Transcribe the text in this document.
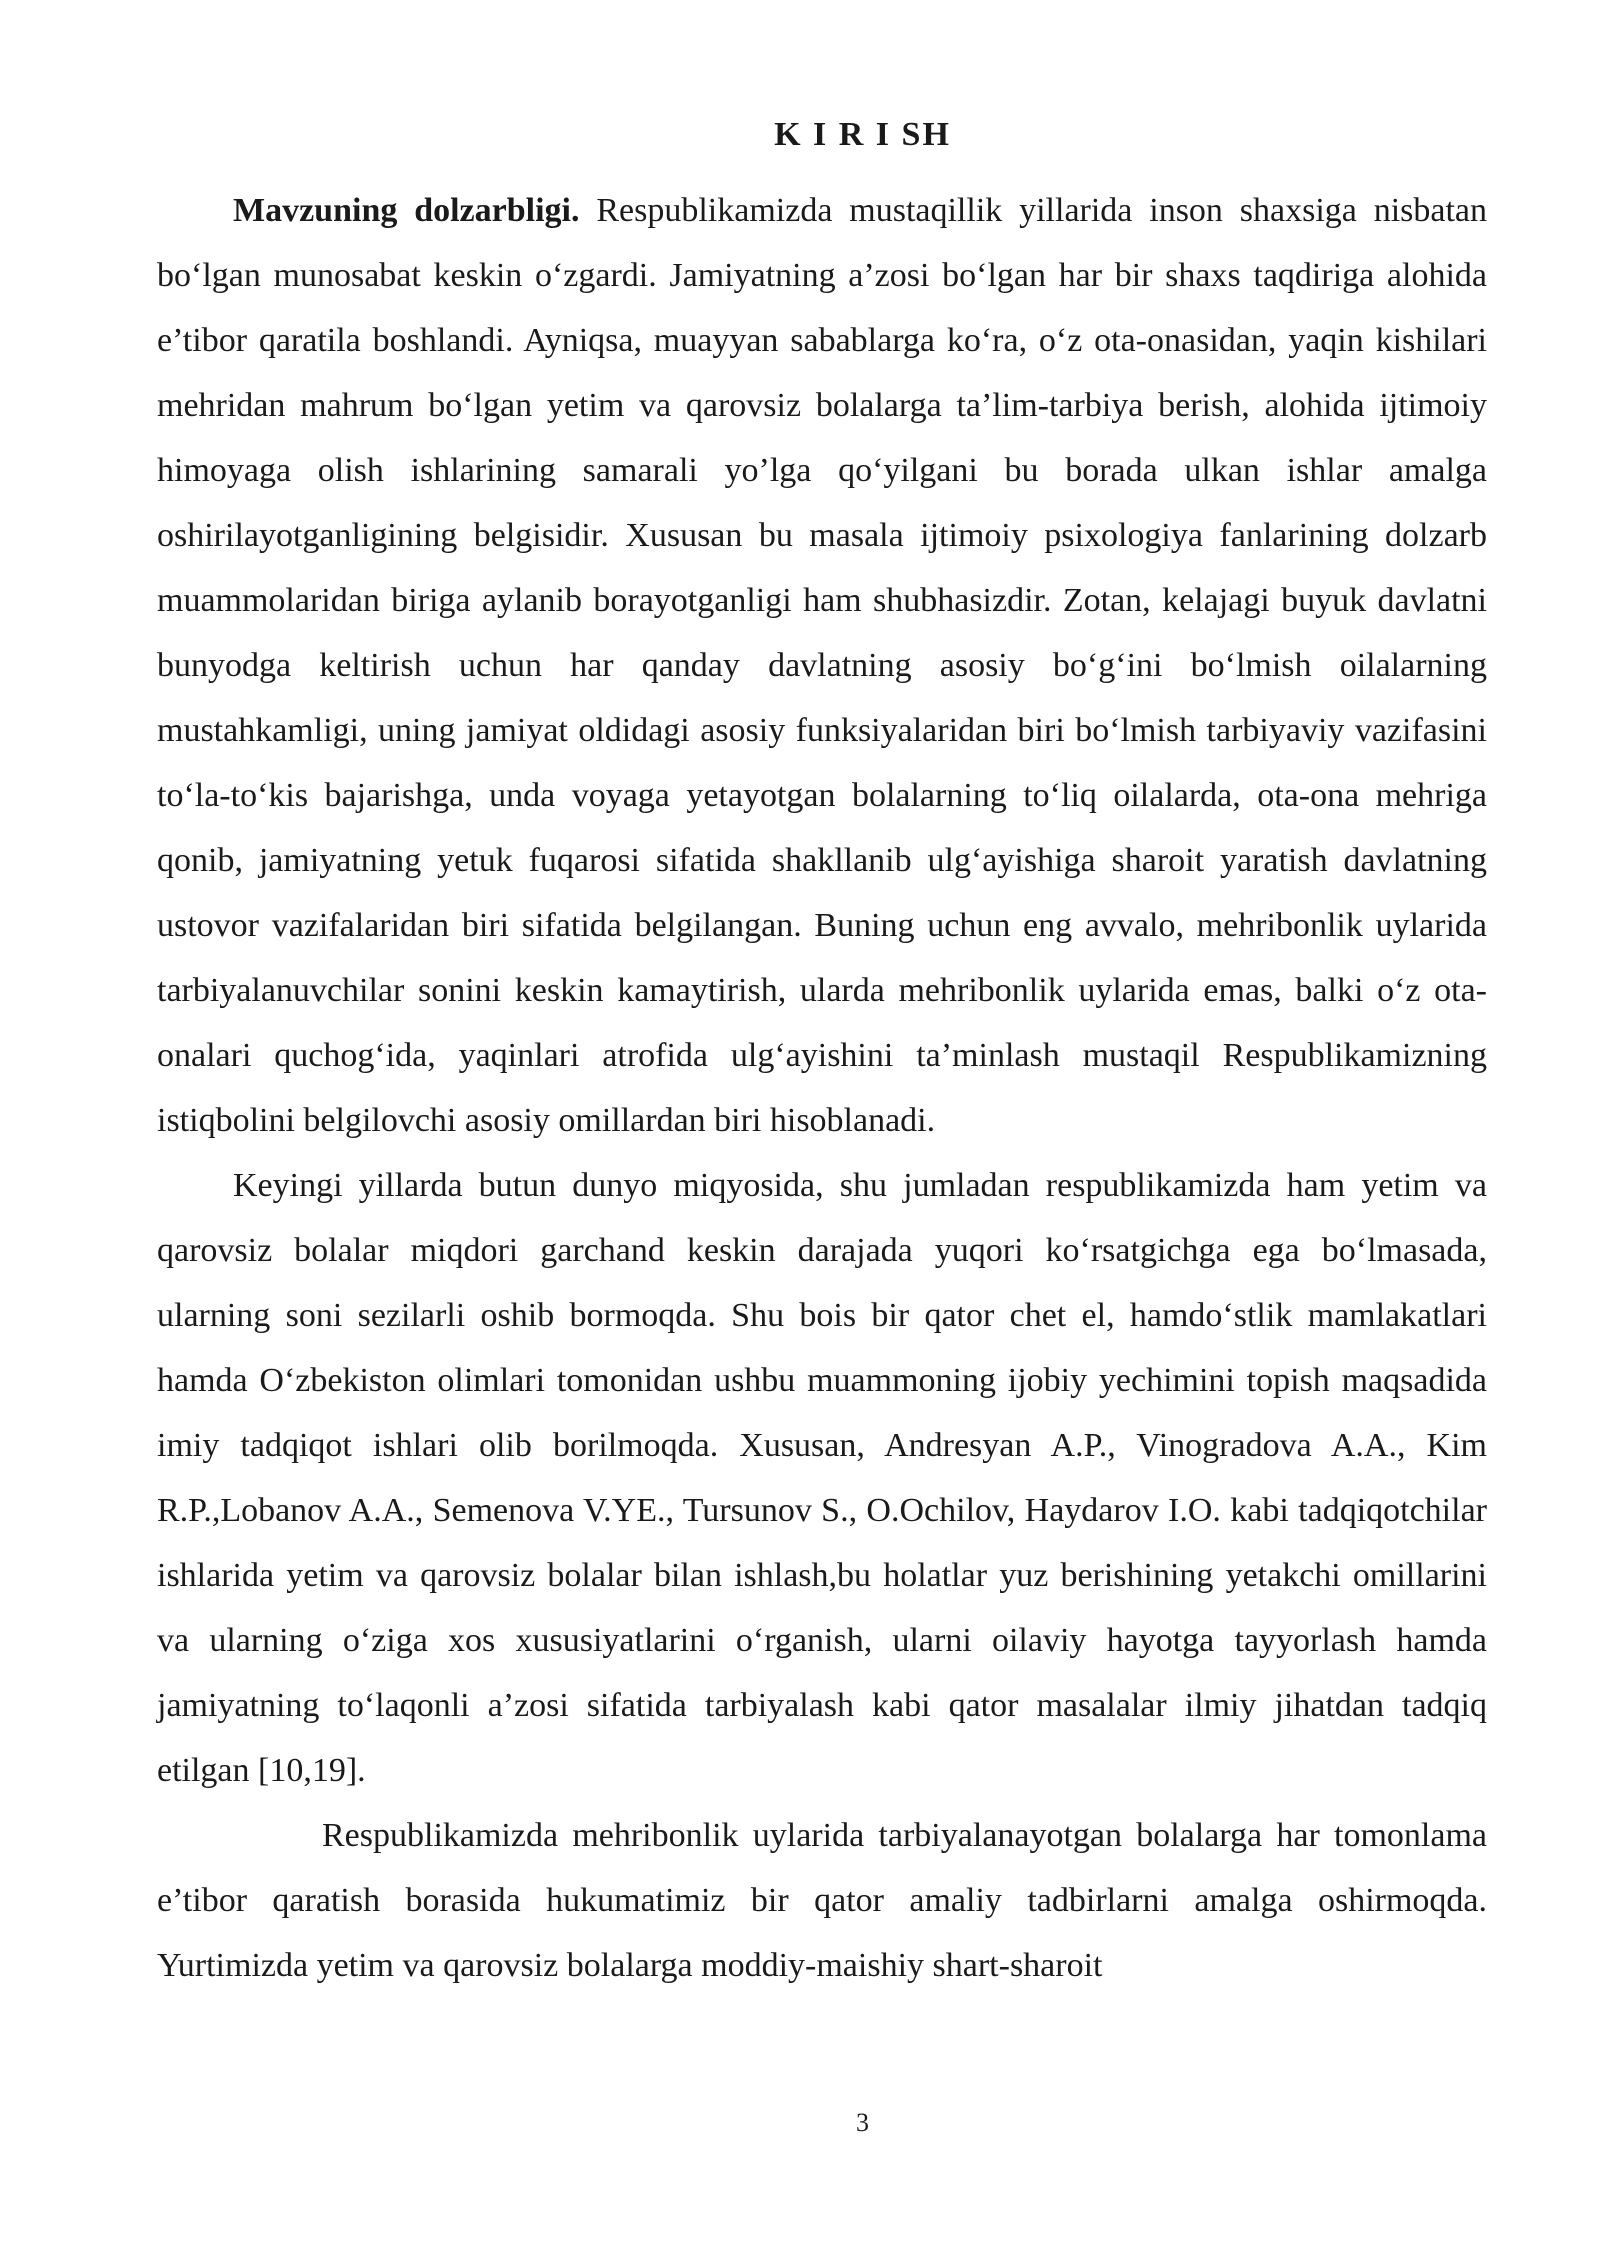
K I R I SH

Mavzuning dolzarbligi. Respublikamizda mustaqillik yillarida inson shaxsiga nisbatan bo‘lgan munosabat keskin o‘zgardi. Jamiyatning a’zosi bo‘lgan har bir shaxs taqdiriga alohida e’tibor qaratila boshlandi. Ayniqsa, muayyan sabablarga ko‘ra, o‘z ota-onasidan, yaqin kishilari mehridan mahrum bo‘lgan yetim va qarovsiz bolalarga ta’lim-tarbiya berish, alohida ijtimoiy himoyaga olish ishlarining samarali yo’lga qo‘yilgani bu borada ulkan ishlar amalga oshirilayotganligining belgisidir. Xususan bu masala ijtimoiy psixologiya fanlarining dolzarb muammolaridan biriga aylanib borayotganligi ham shubhasizdir. Zotan, kelajagi buyuk davlatni bunyodga keltirish uchun har qanday davlatning asosiy bo‘g‘ini bo‘lmish oilalarning mustahkamligi, uning jamiyat oldidagi asosiy funksiyalaridan biri bo‘lmish tarbiyaviy vazifasini to‘la-to‘kis bajarishga, unda voyaga yetayotgan bolalarning to‘liq oilalarda, ota-ona mehriga qonib, jamiyatning yetuk fuqarosi sifatida shakllanib ulg‘ayishiga sharoit yaratish davlatning ustovor vazifalaridan biri sifatida belgilangan. Buning uchun eng avvalo, mehribonlik uylarida tarbiyalanuvchilar sonini keskin kamaytirish, ularda mehribonlik uylarida emas, balki o‘z ota-onalari quchog‘ida, yaqinlari atrofida ulg‘ayishini ta’minlash mustaqil Respublikamizning istiqbolini belgilovchi asosiy omillardan biri hisoblanadi.

Keyingi yillarda butun dunyo miqyosida, shu jumladan respublikamizda ham yetim va qarovsiz bolalar miqdori garchand keskin darajada yuqori ko‘rsatgichga ega bo‘lmasada, ularning soni sezilarli oshib bormoqda. Shu bois bir qator chet el, hamdo‘stlik mamlakatlari hamda O‘zbekiston olimlari tomonidan ushbu muammoning ijobiy yechimini topish maqsadida imiy tadqiqot ishlari olib borilmoqda. Xususan, Andresyan A.P., Vinogradova A.A., Kim R.P.,Lobanov A.A., Semenova V.YE., Tursunov S., O.Ochilov, Haydarov I.O. kabi tadqiqotchilar ishlarida yetim va qarovsiz bolalar bilan ishlash,bu holatlar yuz berishining yetakchi omillarini va ularning o‘ziga xos xususiyatlarini o‘rganish, ularni oilaviy hayotga tayyorlash hamda jamiyatning to‘laqonli a’zosi sifatida tarbiyalash kabi qator masalalar ilmiy jihatdan tadqiq etilgan [10,19].

Respublikamizda mehribonlik uylarida tarbiyalanayotgan bolalarga har tomonlama e’tibor qaratish borasida hukumatimiz bir qator amaliy tadbirlarni amalga oshirmoqda. Yurtimizda yetim va qarovsiz bolalarga moddiy-maishiy shart-sharoit

3
